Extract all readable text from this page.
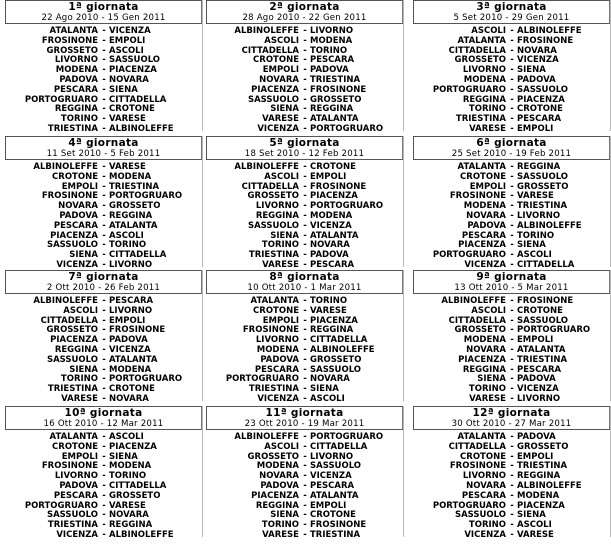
1ª giornata
22 Ago 2010 - 15 Gen 2011
ATALANTA - VICENZA
FROSINONE - EMPOLI
GROSSETO - ASCOLI
LIVORNO - SASSUOLO
MODENA - PIACENZA
PADOVA - NOVARA
PESCARA - SIENA
PORTOGRUARO - CITTADELLA
REGGINA - CROTONE
TORINO - VARESE
TRIESTINA - ALBINOLEFFE
2ª giornata
28 Ago 2010 - 22 Gen 2011
ALBINOLEFFE - LIVORNO
ASCOLI - MODENA
CITTADELLA - TORINO
CROTONE - PESCARA
EMPOLI - PADOVA
NOVARA - TRIESTINA
PIACENZA - FROSINONE
SASSUOLO - GROSSETO
SIENA - REGGINA
VARESE - ATALANTA
VICENZA - PORTOGRUARO
3ª giornata
5 Set 2010 - 29 Gen 2011
ASCOLI - ALBINOLEFFE
ATALANTA - FROSINONE
CITTADELLA - NOVARA
GROSSETO - VICENZA
LIVORNO - SIENA
MODENA - PADOVA
PORTOGRUARO - SASSUOLO
REGGINA - PIACENZA
TORINO - CROTONE
TRIESTINA - PESCARA
VARESE - EMPOLI
4ª giornata
11 Set 2010 - 5 Feb 2011
ALBINOLEFFE - VARESE
CROTONE - MODENA
EMPOLI - TRIESTINA
FROSINONE - PORTOGRUARO
NOVARA - GROSSETO
PADOVA - REGGINA
PESCARA - ATALANTA
PIACENZA - ASCOLI
SASSUOLO - TORINO
SIENA - CITTADELLA
VICENZA - LIVORNO
5ª giornata
18 Set 2010 - 12 Feb 2011
ALBINOLEFFE - CROTONE
ASCOLI - EMPOLI
CITTADELLA - FROSINONE
GROSSETO - PIACENZA
LIVORNO - PORTOGRUARO
REGGINA - MODENA
SASSUOLO - VICENZA
SIENA - ATALANTA
TORINO - NOVARA
TRIESTINA - PADOVA
VARESE - PESCARA
6ª giornata
25 Set 2010 - 19 Feb 2011
ATALANTA - REGGINA
CROTONE - SASSUOLO
EMPOLI - GROSSETO
FROSINONE - VARESE
MODENA - TRIESTINA
NOVARA - LIVORNO
PADOVA - ALBINOLEFFE
PESCARA - TORINO
PIACENZA - SIENA
PORTOGRUARO - ASCOLI
VICENZA - CITTADELLA
7ª giornata
2 Ott 2010 - 26 Feb 2011
ALBINOLEFFE - PESCARA
ASCOLI - LIVORNO
CITTADELLA - EMPOLI
GROSSETO - FROSINONE
PIACENZA - PADOVA
REGGINA - VICENZA
SASSUOLO - ATALANTA
SIENA - MODENA
TORINO - PORTOGRUARO
TRIESTINA - CROTONE
VARESE - NOVARA
8ª giornata
10 Ott 2010 - 1 Mar 2011
ATALANTA - TORINO
CROTONE - VARESE
EMPOLI - PIACENZA
FROSINONE - REGGINA
LIVORNO - CITTADELLA
MODENA - ALBINOLEFFE
PADOVA - GROSSETO
PESCARA - SASSUOLO
PORTOGRUARO - NOVARA
TRIESTINA - SIENA
VICENZA - ASCOLI
9ª giornata
13 Ott 2010 - 5 Mar 2011
ALBINOLEFFE - FROSINONE
ASCOLI - CROTONE
CITTADELLA - SASSUOLO
GROSSETO - PORTOGRUARO
MODENA - EMPOLI
NOVARA - ATALANTA
PIACENZA - TRIESTINA
REGGINA - PESCARA
SIENA - PADOVA
TORINO - VICENZA
VARESE - LIVORNO
10ª giornata
16 Ott 2010 - 12 Mar 2011
ATALANTA - ASCOLI
CROTONE - PIACENZA
EMPOLI - SIENA
FROSINONE - MODENA
LIVORNO - TORINO
PADOVA - CITTADELLA
PESCARA - GROSSETO
PORTOGRUARO - VARESE
SASSUOLO - NOVARA
TRIESTINA - REGGINA
VICENZA - ALBINOLEFFE
11ª giornata
23 Ott 2010 - 19 Mar 2011
ALBINOLEFFE - PORTOGRUARO
ASCOLI - CITTADELLA
GROSSETO - LIVORNO
MODENA - SASSUOLO
NOVARA - VICENZA
PADOVA - PESCARA
PIACENZA - ATALANTA
REGGINA - EMPOLI
SIENA - CROTONE
TORINO - FROSINONE
VARESE - TRIESTINA
12ª giornata
30 Ott 2010 - 27 Mar 2011
ATALANTA - PADOVA
CITTADELLA - GROSSETO
CROTONE - EMPOLI
FROSINONE - TRIESTINA
LIVORNO - REGGINA
NOVARA - ALBINOLEFFE
PESCARA - MODENA
PORTOGRUARO - PIACENZA
SASSUOLO - SIENA
TORINO - ASCOLI
VICENZA - VARESE
